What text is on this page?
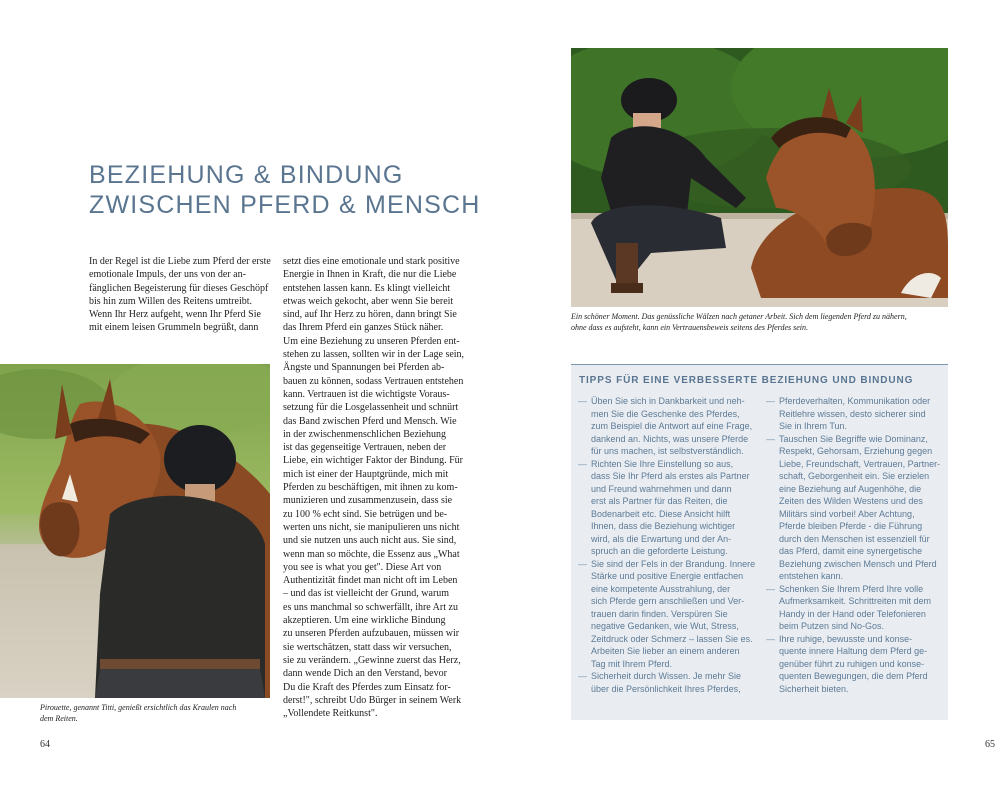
BEZIEHUNG & BINDUNG
ZWISCHEN PFERD & MENSCH
In der Regel ist die Liebe zum Pferd der erste
emotionale Impuls, der uns von der an-
fänglichen Begeisterung für dieses Geschöpf
bis hin zum Willen des Reitens umtreibt.
Wenn Ihr Herz aufgeht, wenn Ihr Pferd Sie
mit einem leisen Grummeln begrüßt, dann
setzt dies eine emotionale und stark positive
Energie in Ihnen in Kraft, die nur die Liebe
entstehen lassen kann. Es klingt vielleicht
etwas weich gekocht, aber wenn Sie bereit
sind, auf Ihr Herz zu hören, dann bringt Sie
das Ihrem Pferd ein ganzes Stück näher.
Um eine Beziehung zu unseren Pferden ent-
stehen zu lassen, sollten wir in der Lage sein,
Ängste und Spannungen bei Pferden ab-
bauen zu können, sodass Vertrauen entstehen
kann. Vertrauen ist die wichtigste Voraus-
setzung für die Losgelassenheit und schnürt
das Band zwischen Pferd und Mensch. Wie
in der zwischenmenschlichen Beziehung
ist das gegenseitige Vertrauen, neben der
Liebe, ein wichtiger Faktor der Bindung. Für
mich ist einer der Hauptgründe, mich mit
Pferden zu beschäftigen, mit ihnen zu kom-
munizieren und zusammenzusein, dass sie
zu 100 % echt sind. Sie betrügen und be-
werten uns nicht, sie manipulieren uns nicht
und sie nutzen uns auch nicht aus. Sie sind,
wenn man so möchte, die Essenz aus „What
you see is what you get". Diese Art von
Authentizität findet man nicht oft im Leben
– und das ist vielleicht der Grund, warum
es uns manchmal so schwerfällt, ihre Art zu
akzeptieren. Um eine wirkliche Bindung
zu unseren Pferden aufzubauen, müssen wir
sie wertschätzen, statt dass wir versuchen,
sie zu verändern. „Gewinne zuerst das Herz,
dann wende Dich an den Verstand, bevor
Du die Kraft des Pferdes zum Einsatz for-
derst!", schreibt Udo Bürger in seinem Werk
„Vollendete Reitkunst".
Pirouette, genannt Titti, genießt ersichtlich das Kraulen nach
dem Reiten.
Ein schöner Moment. Das genüssliche Wälzen nach getaner Arbeit. Sich dem liegenden Pferd zu nähern,
ohne dass es aufsteht, kann ein Vertrauensbeweis seitens des Pferdes sein.
TIPPS FÜR EINE VERBESSERTE BEZIEHUNG UND BINDUNG
— Üben Sie sich in Dankbarkeit und neh-
men Sie die Geschenke des Pferdes,
zum Beispiel die Antwort auf eine Frage,
dankend an. Nichts, was unsere Pferde
für uns machen, ist selbstverständlich.
— Richten Sie Ihre Einstellung so aus,
dass Sie Ihr Pferd als erstes als Partner
und Freund wahrnehmen und dann
erst als Partner für das Reiten, die
Bodenarbeit etc. Diese Ansicht hilft
Ihnen, dass die Beziehung wichtiger
wird, als die Erwartung und der An-
spruch an die geforderte Leistung.
— Sie sind der Fels in der Brandung. Innere
Stärke und positive Energie entfachen
eine kompetente Ausstrahlung, der
sich Pferde gern anschließen und Ver-
trauen darin finden. Verspüren Sie
negative Gedanken, wie Wut, Stress,
Zeitdruck oder Schmerz – lassen Sie es.
Arbeiten Sie lieber an einem anderen
Tag mit Ihrem Pferd.
— Sicherheit durch Wissen. Je mehr Sie
über die Persönlichkeit Ihres Pferdes,
— Pferdeverhalten, Kommunikation oder
Reitlehre wissen, desto sicherer sind
Sie in Ihrem Tun.
— Tauschen Sie Begriffe wie Dominanz,
Respekt, Gehorsam, Erziehung gegen
Liebe, Freundschaft, Vertrauen, Partner-
schaft, Geborgenheit ein. Sie erzielen
eine Beziehung auf Augenhöhe, die
Zeiten des Wilden Westens und des
Militärs sind vorbei! Aber Achtung,
Pferde bleiben Pferde - die Führung
durch den Menschen ist essenziell für
das Pferd, damit eine synergetische
Beziehung zwischen Mensch und Pferd
entstehen kann.
— Schenken Sie Ihrem Pferd Ihre volle
Aufmerksamkeit. Schrittreiten mit dem
Handy in der Hand oder Telefonieren
beim Putzen sind No-Gos.
— Ihre ruhige, bewusste und konse-
quente innere Haltung dem Pferd ge-
genüber führt zu ruhigen und konse-
quenten Bewegungen, die dem Pferd
Sicherheit bieten.
64	65
